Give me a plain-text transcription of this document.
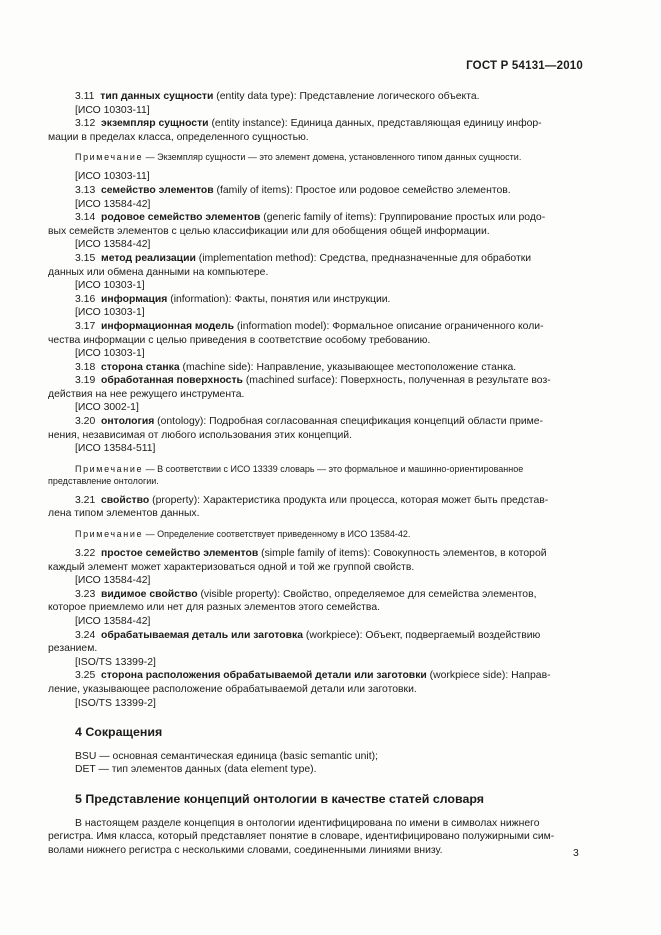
ГОСТ Р 54131—2010

3.11 тип данных сущности (entity data type): Представление логического объекта.

[ИСО 10303-11]

3.12 экземпляр сущности (entity instance): Единица данных, представляющая единицу инфор-

мации в пределах класса, определенного сущностью.

Примечание — Экземпляр сущности — это элемент домена, установленного типом данных сущности.

[ИСО 10303-11]

3.13 семейство элементов (family of items): Простое или родовое семейство элементов.

[ИСО 13584-42]

3.14 родовое семейство элементов (generic family of items): Группирование простых или родо-

вых семейств элементов с целью классификации или для обобщения общей информации.

[ИСО 13584-42]

3.15 метод реализации (implementation method): Средства, предназначенные для обработки

данных или обмена данными на компьютере.

[ИСО 10303-1]

3.16 информация (information): Факты, понятия или инструкции.

[ИСО 10303-1]

3.17 информационная модель (information model): Формальное описание ограниченного коли-

чества информации с целью приведения в соответствие особому требованию.

[ИСО 10303-1]

3.18 сторона станка (machine side): Направление, указывающее местоположение станка.

3.19 обработанная поверхность (machined surface): Поверхность, полученная в результате воз-

действия на нее режущего инструмента.

[ИСО 3002-1]

3.20 онтология (ontology): Подробная согласованная спецификация концепций области приме-

нения, независимая от любого использования этих концепций.

[ИСО 13584-511]

Примечание — В соответствии с ИСО 13339 словарь — это формальное и машинно-ориентированное
представление онтологии.

3.21 свойство (property): Характеристика продукта или процесса, которая может быть представ-

лена типом элементов данных.

Примечание — Определение соответствует приведенному в ИСО 13584-42.

3.22 простое семейство элементов (simple family of items): Совокупность элементов, в которой

каждый элемент может характеризоваться одной и той же группой свойств.

[ИСО 13584-42]

3.23 видимое свойство (visible property): Свойство, определяемое для семейства элементов,

которое приемлемо или нет для разных элементов этого семейства.

[ИСО 13584-42]

3.24 обрабатываемая деталь или заготовка (workpiece): Объект, подвергаемый воздействию

резанием.

[ISO/TS 13399-2]

3.25 сторона расположения обрабатываемой детали или заготовки (workpiece side): Направ-

ление, указывающее расположение обрабатываемой детали или заготовки.

[ISO/TS 13399-2]

4 Сокращения

BSU — основная семантическая единица (basic semantic unit);

DET — тип элементов данных (data element type).

5 Представление концепций онтологии в качестве статей словаря

В настоящем разделе концепция в онтологии идентифицирована по имени в символах нижнего

регистра. Имя класса, который представляет понятие в словаре, идентифицировано полужирными сим-

волами нижнего регистра с несколькими словами, соединенными линиями внизу.	3
